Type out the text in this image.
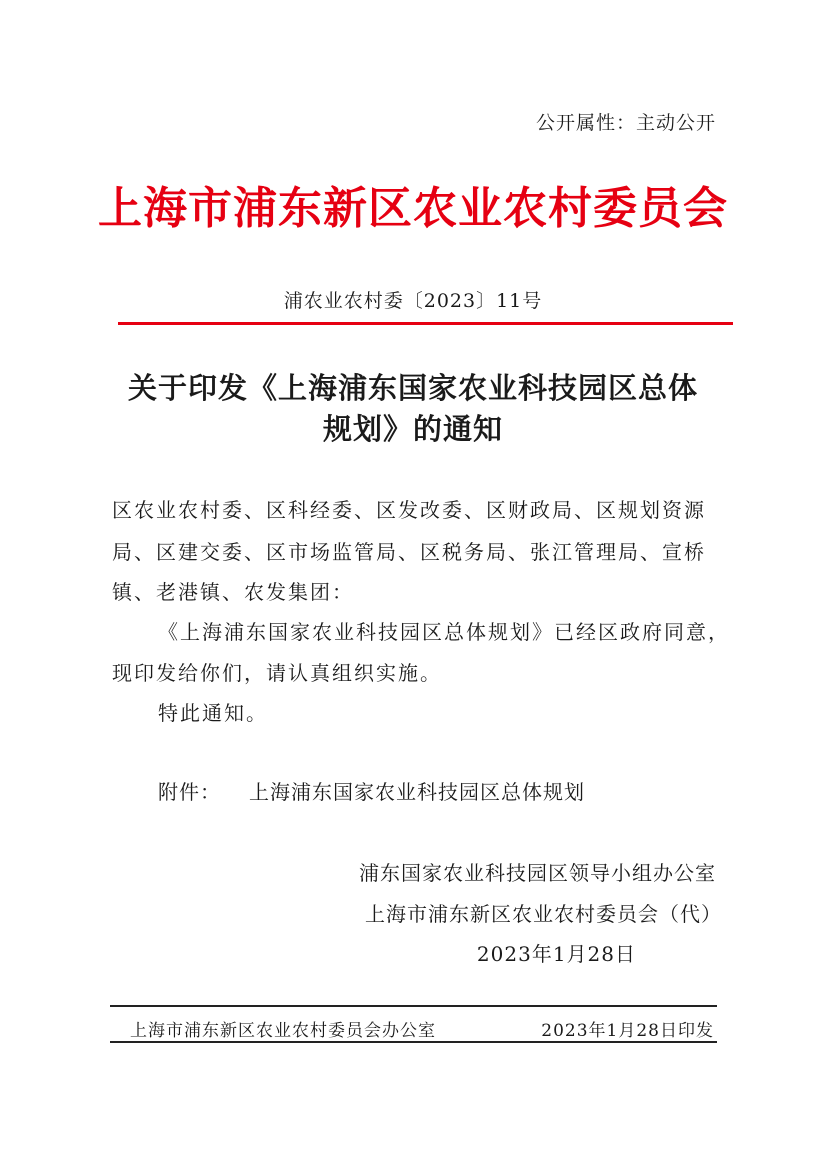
公开属性：主动公开
上海市浦东新区农业农村委员会
浦农业农村委〔2023〕11号
关于印发《上海浦东国家农业科技园区总体
规划》的通知
区农业农村委、区科经委、区发改委、区财政局、区规划资源
局、区建交委、区市场监管局、区税务局、张江管理局、宣桥
镇、老港镇、农发集团：
《上海浦东国家农业科技园区总体规划》已经区政府同意，
现印发给你们，请认真组织实施。
特此通知。
附件： 上海浦东国家农业科技园区总体规划
浦东国家农业科技园区领导小组办公室
上海市浦东新区农业农村委员会（代）
2023年1月28日
上海市浦东新区农业农村委员会办公室	2023年1月28日印发
